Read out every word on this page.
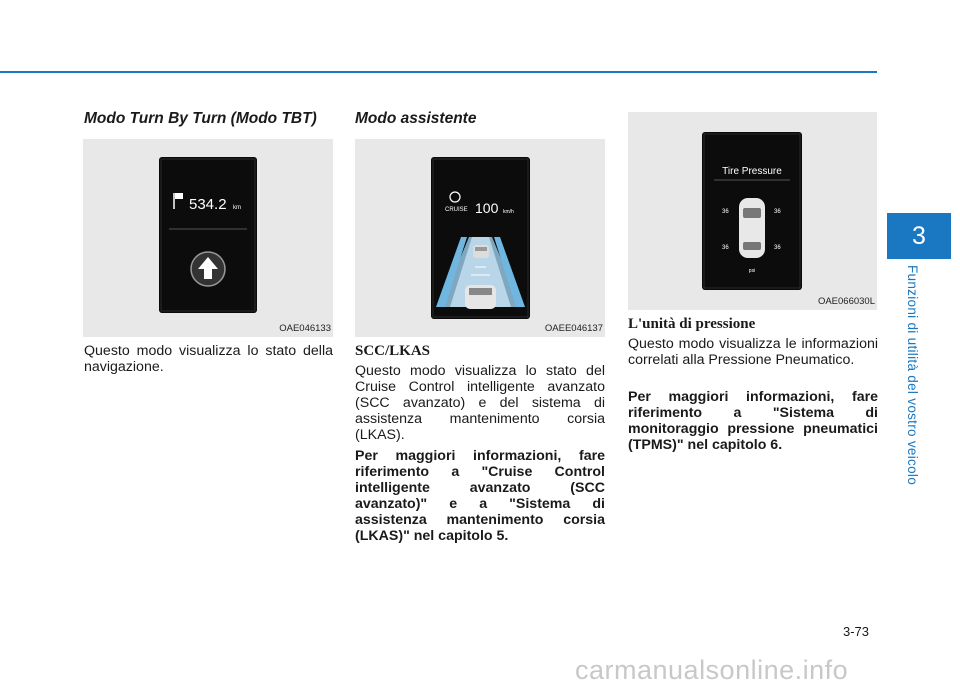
3
Funzioni di utilità del vostro veicolo
Modo Turn By Turn (Modo TBT)
534.2 km
OAE046133
Questo modo visualizza lo stato della navigazione.
Modo assistente
CRUISE 100 km/h
OAEE046137
SCC/LKAS
Questo modo visualizza lo stato del Cruise Control intelligente avanzato (SCC avanzato) e del sistema di assistenza mantenimento corsia (LKAS).
Per maggiori informazioni, fare riferimento a "Cruise Control intelligente avanzato (SCC avanzato)" e a "Sistema di assistenza mantenimento corsia (LKAS)" nel capitolo 5.
Tire Pressure
36	36
36	36
psi
OAE066030L
L'unità di pressione
Questo modo visualizza le informazioni correlati alla Pressione Pneumatico.
Per maggiori informazioni, fare riferimento a "Sistema di monitoraggio pressione pneumatici (TPMS)" nel capitolo 6.
3-73
carmanualsonline.info
